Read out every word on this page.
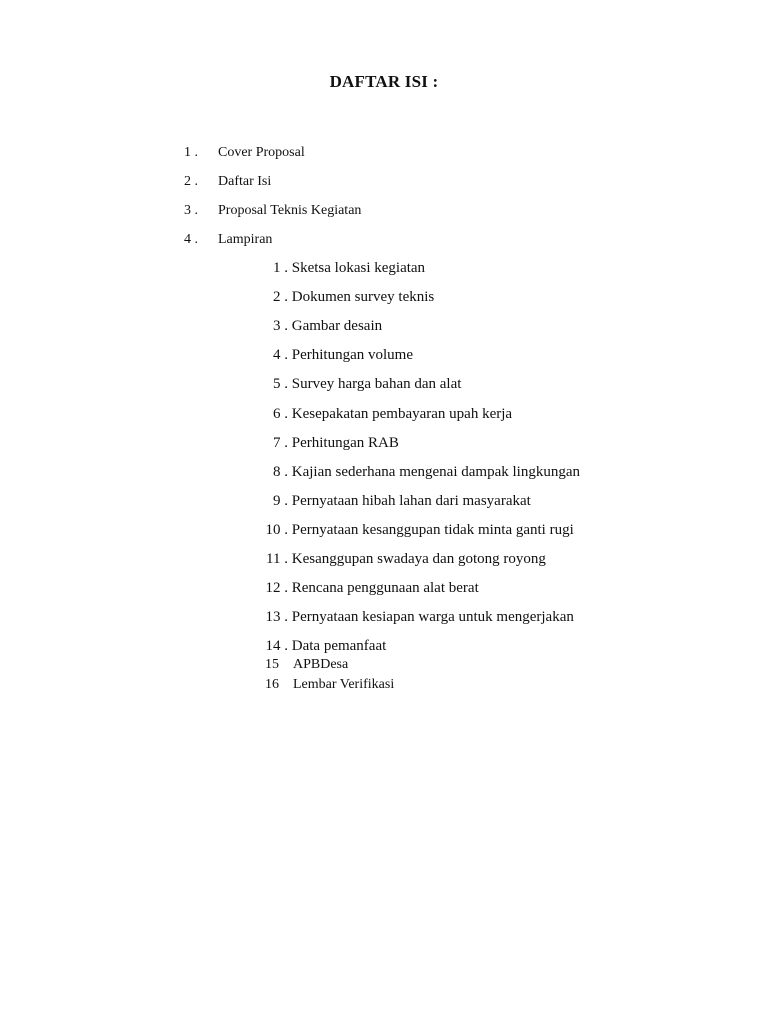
DAFTAR ISI :
1 . Cover Proposal
2 . Daftar Isi
3 . Proposal Teknis Kegiatan
4 . Lampiran
1 . Sketsa lokasi kegiatan
2 . Dokumen survey teknis
3 . Gambar desain
4 . Perhitungan volume
5 . Survey harga bahan dan alat
6 . Kesepakatan pembayaran upah kerja
7 . Perhitungan RAB
8 . Kajian sederhana mengenai dampak lingkungan
9 . Pernyataan hibah lahan dari masyarakat
10 . Pernyataan kesanggupan tidak minta ganti rugi
11 . Kesanggupan swadaya dan gotong royong
12 . Rencana penggunaan alat berat
13 . Pernyataan kesiapan warga untuk mengerjakan
14 . Data pemanfaat
15 APBDesa
16 Lembar Verifikasi
